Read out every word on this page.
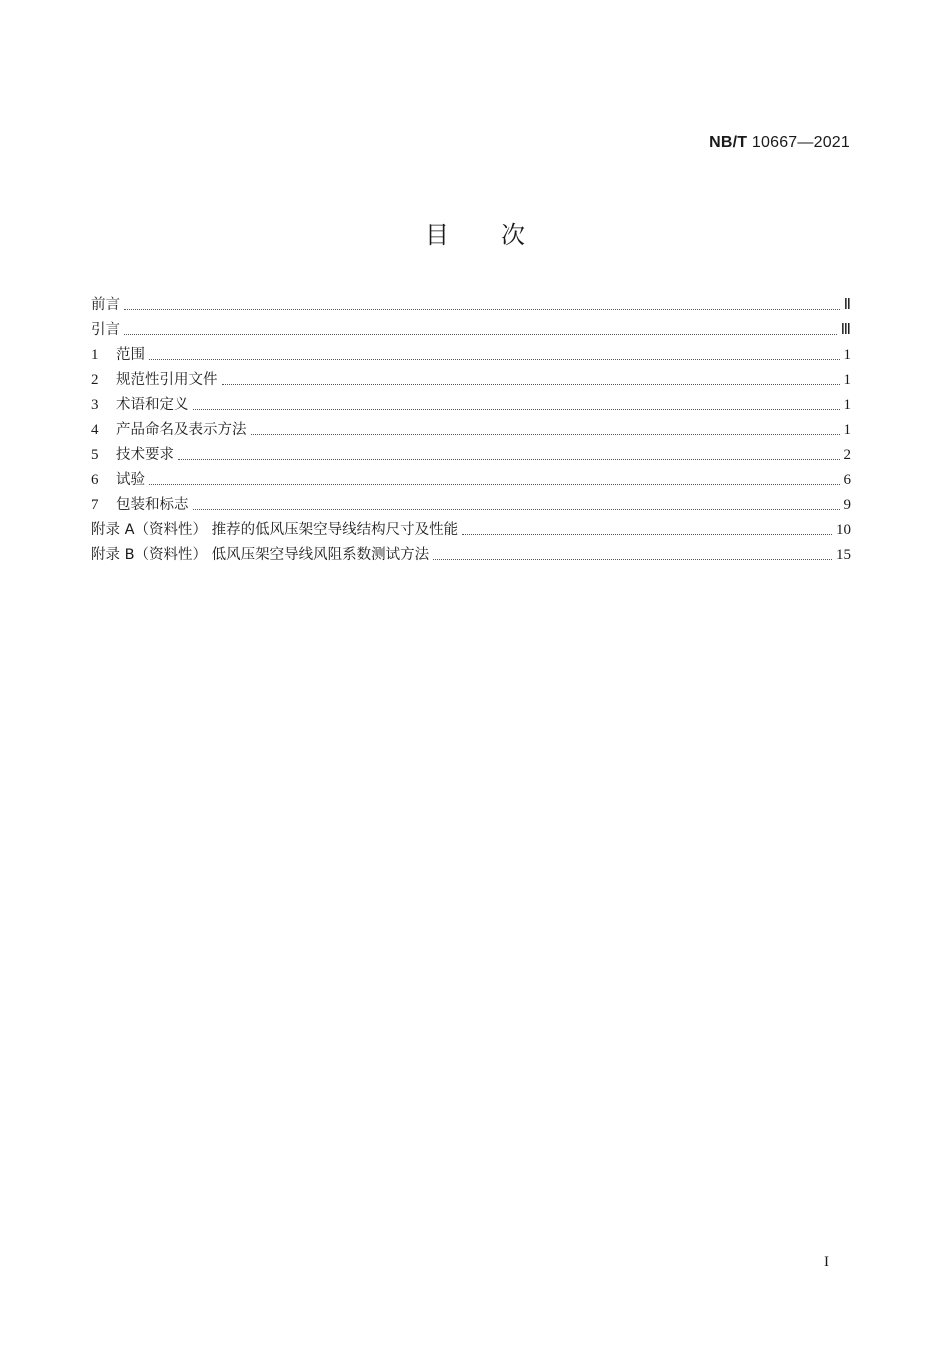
NB/T 10667—2021
目 次
前言	Ⅱ
引言	Ⅲ
1	范围	1
2	规范性引用文件	1
3	术语和定义	1
4	产品命名及表示方法	1
5	技术要求	2
6	试验	6
7	包装和标志	9
附录 A（资料性） 推荐的低风压架空导线结构尺寸及性能	10
附录 B（资料性） 低风压架空导线风阻系数测试方法	15
I
